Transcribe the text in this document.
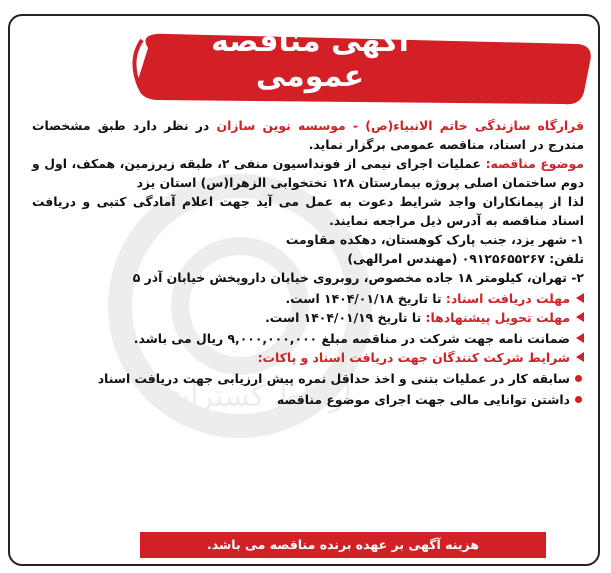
ارتباط گستران
آگهی مناقصه عمومی

قرارگاه سازندگی خاتم الانبیاء(ص) - موسسه نوین سازان در نظر دارد طبق مشخصات مندرج در اسناد، مناقصه عمومی برگزار نماید.

موضوع مناقصه: عملیات اجرای نیمی از فونداسیون منفی ۲، طبقه زیرزمین، همکف، اول و دوم ساختمان اصلی پروژه بیمارستان ۱۲۸ تختخوابی الزهرا(س) استان یزد

لذا از پیمانکاران واجد شرایط دعوت به عمل می آید جهت اعلام آمادگی کتبی و دریافت اسناد مناقصه به آدرس ذیل مراجعه نمایند.

۱- شهر یزد، جنب پارک کوهستان، دهکده مقاومت

تلفن: ۰۹۱۲۵۶۵۵۲۶۷ (مهندس امرالهی)

۲- تهران، کیلومتر ۱۸ جاده مخصوص، روبروی خیابان داروپخش خیابان آذر ۵

مهلت دریافت اسناد: تا تاریخ ۱۴۰۴/۰۱/۱۸ است.

مهلت تحویل پیشنهادها: تا تاریخ ۱۴۰۴/۰۱/۱۹ است.

ضمانت نامه جهت شرکت در مناقصه مبلغ ۹,۰۰۰,۰۰۰,۰۰۰ ریال می باشد.

شرایط شرکت کنندگان جهت دریافت اسناد و پاکات:

سابقه کار در عملیات بتنی و اخذ حداقل نمره پیش ارزیابی جهت دریافت اسناد

داشتن توانایی مالی جهت اجرای موضوع مناقصه

هزینه آگهی بر عهده برنده مناقصه می باشد.
